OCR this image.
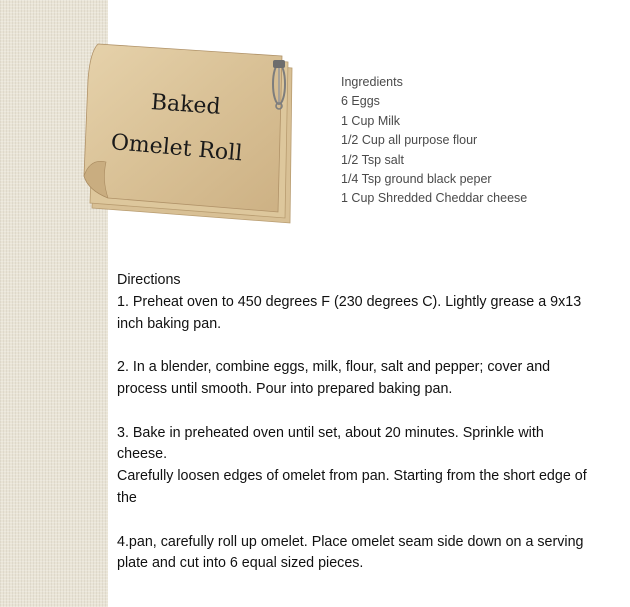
Baked
Omelet Roll
Ingredients
6 Eggs
1 Cup Milk
1/2 Cup all purpose flour
1/2 Tsp salt
1/4 Tsp ground black peper
1 Cup Shredded Cheddar cheese

Directions

1. Preheat oven to 450 degrees F (230 degrees C). Lightly grease a 9x13 inch baking pan.

2. In a blender, combine eggs, milk, flour, salt and pepper; cover and process until smooth. Pour into prepared baking pan.

3. Bake in preheated oven until set, about 20 minutes. Sprinkle with cheese.

Carefully loosen edges of omelet from pan. Starting from the short edge of the

4.pan, carefully roll up omelet. Place omelet seam side down on a serving plate and cut into 6 equal sized pieces.
